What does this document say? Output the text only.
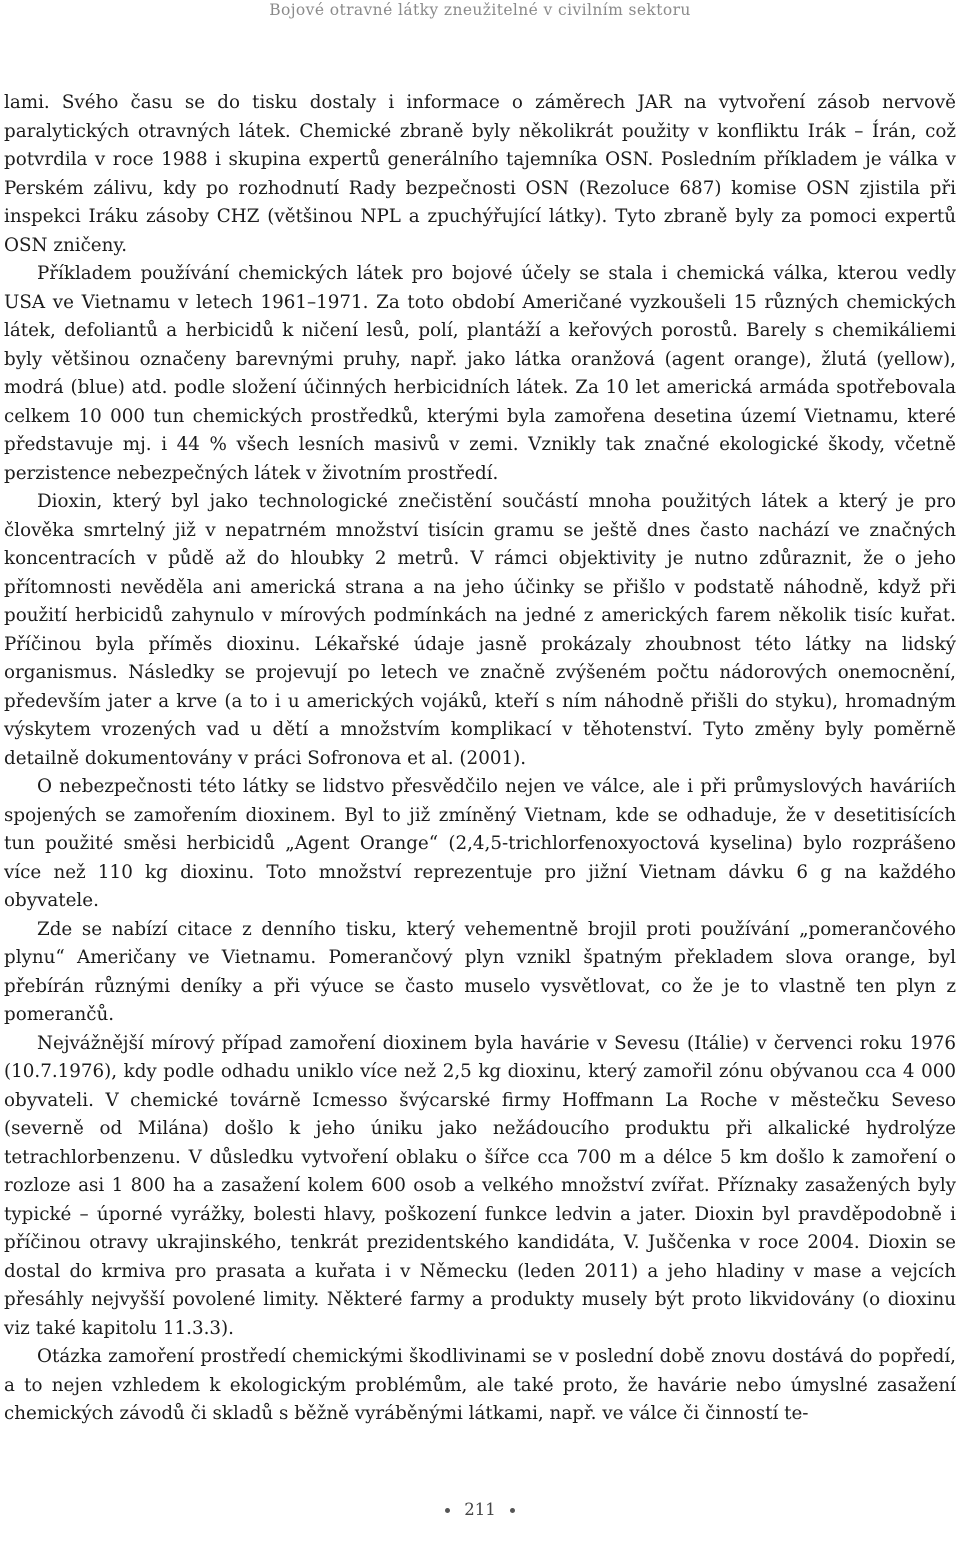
Bojové otravné látky zneužitelné v civilním sektoru

lami. Svého času se do tisku dostaly i informace o záměrech JAR na vytvoření zásob nervově paralytických otravných látek. Chemické zbraně byly několikrát použity v konfliktu Irák – Írán, což potvrdila v roce 1988 i skupina expertů generálního tajemníka OSN. Posledním příkladem je válka v Perském zálivu, kdy po rozhodnutí Rady bezpečnosti OSN (Rezoluce 687) komise OSN zjistila při inspekci Iráku zásoby CHZ (většinou NPL a zpuchýřující látky). Tyto zbraně byly za pomoci expertů OSN zničeny.

Příkladem používání chemických látek pro bojové účely se stala i chemická válka, kterou vedly USA ve Vietnamu v letech 1961–1971. Za toto období Američané vyzkoušeli 15 různých chemických látek, defoliantů a herbicidů k ničení lesů, polí, plantáží a keřových porostů. Barely s chemikáliemi byly většinou označeny barevnými pruhy, např. jako látka oranžová (agent orange), žlutá (yellow), modrá (blue) atd. podle složení účinných herbicidních látek. Za 10 let americká armáda spotřebovala celkem 10 000 tun chemických prostředků, kterými byla zamořena desetina území Vietnamu, které představuje mj. i 44 % všech lesních masivů v zemi. Vznikly tak značné ekologické škody, včetně perzistence nebezpečných látek v životním prostředí.

Dioxin, který byl jako technologické znečistění součástí mnoha použitých látek a který je pro člověka smrtelný již v nepatrném množství tisícin gramu se ještě dnes často nachází ve značných koncentracích v půdě až do hloubky 2 metrů. V rámci objektivity je nutno zdůraznit, že o jeho přítomnosti nevěděla ani americká strana a na jeho účinky se přišlo v podstatě náhodně, když při použití herbicidů zahynulo v mírových podmínkách na jedné z amerických farem několik tisíc kuřat. Příčinou byla příměs dioxinu. Lékařské údaje jasně prokázaly zhoubnost této látky na lidský organismus. Následky se projevují po letech ve značně zvýšeném počtu nádorových onemocnění, především jater a krve (a to i u amerických vojáků, kteří s ním náhodně přišli do styku), hromadným výskytem vrozených vad u dětí a množstvím komplikací v těhotenství. Tyto změny byly poměrně detailně dokumentovány v práci Sofronova et al. (2001).

O nebezpečnosti této látky se lidstvo přesvědčilo nejen ve válce, ale i při průmyslových haváriích spojených se zamořením dioxinem. Byl to již zmíněný Vietnam, kde se odhaduje, že v desetitisících tun použité směsi herbicidů „Agent Orange“ (2,4,5-trichlorfenoxyoctová kyselina) bylo rozprášeno více než 110 kg dioxinu. Toto množství reprezentuje pro jižní Vietnam dávku 6 g na každého obyvatele.

Zde se nabízí citace z denního tisku, který vehementně brojil proti používání „pomerančového plynu“ Američany ve Vietnamu. Pomerančový plyn vznikl špatným překladem slova orange, byl přebírán různými deníky a při výuce se často muselo vysvětlovat, co že je to vlastně ten plyn z pomerančů.

Nejvážnější mírový případ zamoření dioxinem byla havárie v Sevesu (Itálie) v červenci roku 1976 (10.7.1976), kdy podle odhadu uniklo více než 2,5 kg dioxinu, který zamořil zónu obývanou cca 4 000 obyvateli. V chemické továrně Icmesso švýcarské firmy Hoffmann La Roche v městečku Seveso (severně od Milána) došlo k jeho úniku jako nežádoucího produktu při alkalické hydrolýze tetrachlorbenzenu. V důsledku vytvoření oblaku o šířce cca 700 m a délce 5 km došlo k zamoření o rozloze asi 1 800 ha a zasažení kolem 600 osob a velkého množství zvířat. Příznaky zasažených byly typické – úporné vyrážky, bolesti hlavy, poškození funkce ledvin a jater. Dioxin byl pravděpodobně i příčinou otravy ukrajinského, tenkrát prezidentského kandidáta, V. Juščenka v roce 2004. Dioxin se dostal do krmiva pro prasata a kuřata i v Německu (leden 2011) a jeho hladiny v mase a vejcích přesáhly nejvyšší povolené limity. Některé farmy a produkty musely být proto likvidovány (o dioxinu viz také kapitolu 11.3.3).

Otázka zamoření prostředí chemickými škodlivinami se v poslední době znovu dostává do popředí, a to nejen vzhledem k ekologickým problémům, ale také proto, že havárie nebo úmyslné zasažení chemických závodů či skladů s běžně vyráběnými látkami, např. ve válce či činností te-

211
